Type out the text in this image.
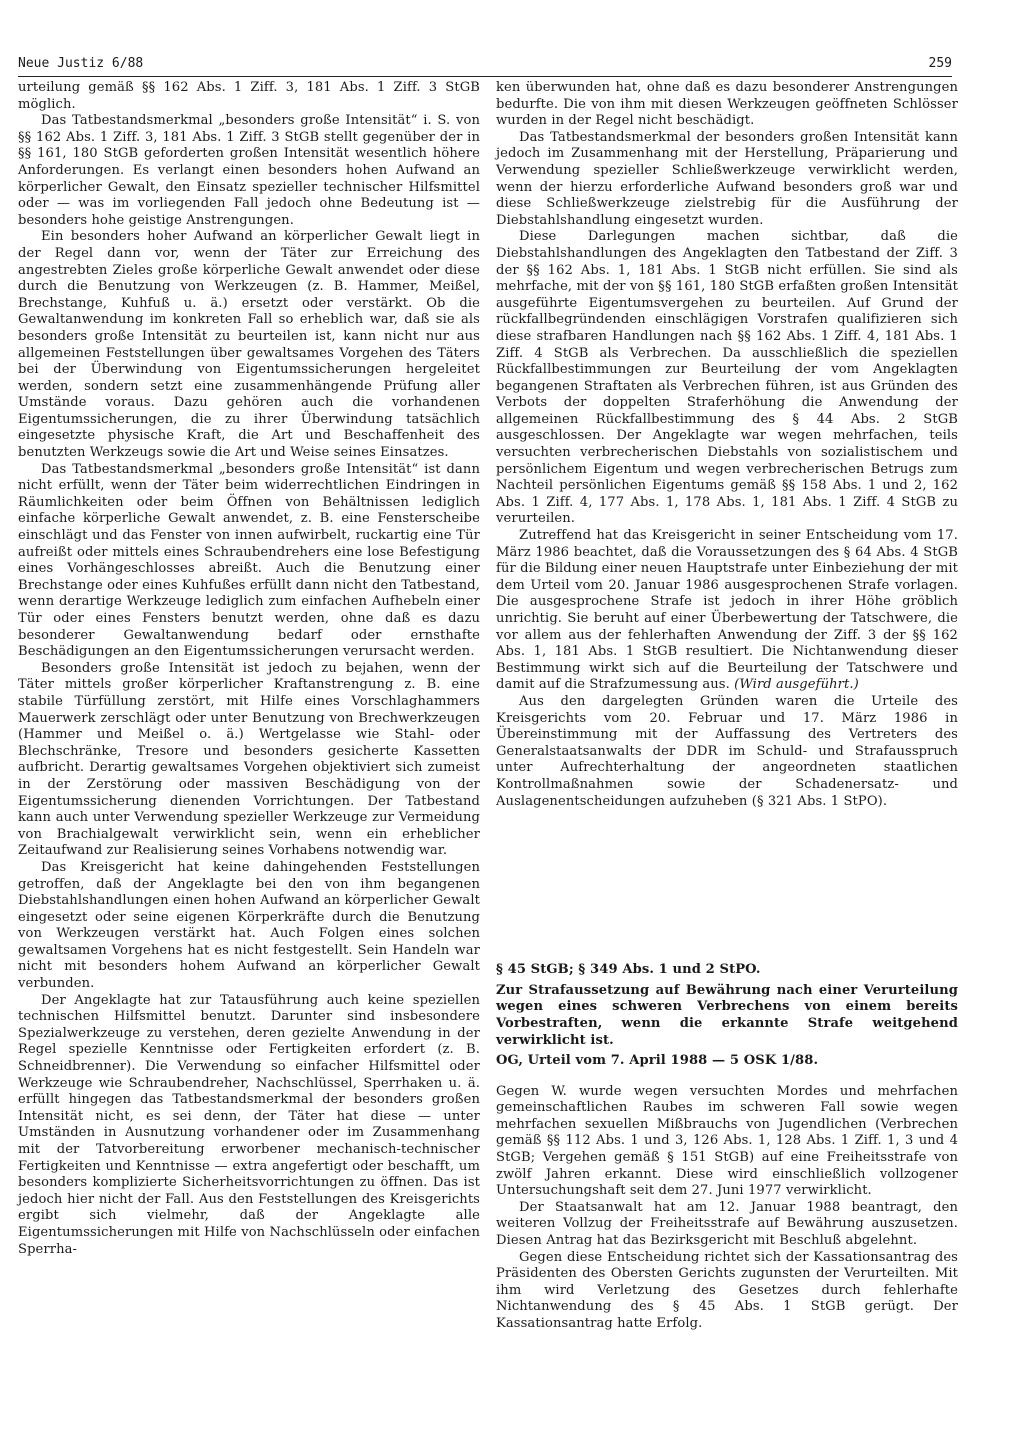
Neue Justiz 6/88	259

urteilung gemäß §§ 162 Abs. 1 Ziff. 3, 181 Abs. 1 Ziff. 3 StGB möglich.

Das Tatbestandsmerkmal „besonders große Intensität“ i. S. von §§ 162 Abs. 1 Ziff. 3, 181 Abs. 1 Ziff. 3 StGB stellt gegenüber der in §§ 161, 180 StGB geforderten großen Intensität wesentlich höhere Anforderungen. Es verlangt einen besonders hohen Aufwand an körperlicher Gewalt, den Einsatz spezieller technischer Hilfsmittel oder — was im vorliegenden Fall jedoch ohne Bedeutung ist — besonders hohe geistige Anstrengungen.

Ein besonders hoher Aufwand an körperlicher Gewalt liegt in der Regel dann vor, wenn der Täter zur Erreichung des angestrebten Zieles große körperliche Gewalt anwendet oder diese durch die Benutzung von Werkzeugen (z. B. Hammer, Meißel, Brechstange, Kuhfuß u. ä.) ersetzt oder verstärkt. Ob die Gewaltanwendung im konkreten Fall so erheblich war, daß sie als besonders große Intensität zu beurteilen ist, kann nicht nur aus allgemeinen Feststellungen über gewaltsames Vorgehen des Täters bei der Überwindung von Eigentumssicherungen hergeleitet werden, sondern setzt eine zusammenhängende Prüfung aller Umstände voraus. Dazu gehören auch die vorhandenen Eigentumssicherungen, die zu ihrer Überwindung tatsächlich eingesetzte physische Kraft, die Art und Beschaffenheit des benutzten Werkzeugs sowie die Art und Weise seines Einsatzes.

Das Tatbestandsmerkmal „besonders große Intensität“ ist dann nicht erfüllt, wenn der Täter beim widerrechtlichen Eindringen in Räumlichkeiten oder beim Öffnen von Behältnissen lediglich einfache körperliche Gewalt anwendet, z. B. eine Fensterscheibe einschlägt und das Fenster von innen aufwirbelt, ruckartig eine Tür aufreißt oder mittels eines Schraubendrehers eine lose Befestigung eines Vorhängeschlosses abreißt. Auch die Benutzung einer Brechstange oder eines Kuhfußes erfüllt dann nicht den Tatbestand, wenn derartige Werkzeuge lediglich zum einfachen Aufhebeln einer Tür oder eines Fensters benutzt werden, ohne daß es dazu besonderer Gewaltanwendung bedarf oder ernsthafte Beschädigungen an den Eigentumssicherungen verursacht werden.

Besonders große Intensität ist jedoch zu bejahen, wenn der Täter mittels großer körperlicher Kraftanstrengung z. B. eine stabile Türfüllung zerstört, mit Hilfe eines Vorschlaghammers Mauerwerk zerschlägt oder unter Benutzung von Brechwerkzeugen (Hammer und Meißel o. ä.) Wertgelasse wie Stahl- oder Blechschränke, Tresore und besonders gesicherte Kassetten aufbricht. Derartig gewaltsames Vorgehen objektiviert sich zumeist in der Zerstörung oder massiven Beschädigung von der Eigentumssicherung dienenden Vorrichtungen. Der Tatbestand kann auch unter Verwendung spezieller Werkzeuge zur Vermeidung von Brachialgewalt verwirklicht sein, wenn ein erheblicher Zeitaufwand zur Realisierung seines Vorhabens notwendig war.

Das Kreisgericht hat keine dahingehenden Feststellungen getroffen, daß der Angeklagte bei den von ihm begangenen Diebstahlshandlungen einen hohen Aufwand an körperlicher Gewalt eingesetzt oder seine eigenen Körperkräfte durch die Benutzung von Werkzeugen verstärkt hat. Auch Folgen eines solchen gewaltsamen Vorgehens hat es nicht festgestellt. Sein Handeln war nicht mit besonders hohem Aufwand an körperlicher Gewalt verbunden.

Der Angeklagte hat zur Tatausführung auch keine speziellen technischen Hilfsmittel benutzt. Darunter sind insbesondere Spezialwerkzeuge zu verstehen, deren gezielte Anwendung in der Regel spezielle Kenntnisse oder Fertigkeiten erfordert (z. B. Schneidbrenner). Die Verwendung so einfacher Hilfsmittel oder Werkzeuge wie Schraubendreher, Nachschlüssel, Sperrhaken u. ä. erfüllt hingegen das Tatbestandsmerkmal der besonders großen Intensität nicht, es sei denn, der Täter hat diese — unter Umständen in Ausnutzung vorhandener oder im Zusammenhang mit der Tatvorbereitung erworbener mechanisch-technischer Fertigkeiten und Kenntnisse — extra angefertigt oder beschafft, um besonders komplizierte Sicherheitsvorrichtungen zu öffnen. Das ist jedoch hier nicht der Fall. Aus den Feststellungen des Kreisgerichts ergibt sich vielmehr, daß der Angeklagte alle Eigentumssicherungen mit Hilfe von Nachschlüsseln oder einfachen Sperrha-

ken überwunden hat, ohne daß es dazu besonderer Anstrengungen bedurfte. Die von ihm mit diesen Werkzeugen geöffneten Schlösser wurden in der Regel nicht beschädigt.

Das Tatbestandsmerkmal der besonders großen Intensität kann jedoch im Zusammenhang mit der Herstellung, Präparierung und Verwendung spezieller Schließwerkzeuge verwirklicht werden, wenn der hierzu erforderliche Aufwand besonders groß war und diese Schließwerkzeuge zielstrebig für die Ausführung der Diebstahlshandlung eingesetzt wurden.

Diese Darlegungen machen sichtbar, daß die Diebstahlshandlungen des Angeklagten den Tatbestand der Ziff. 3 der §§ 162 Abs. 1, 181 Abs. 1 StGB nicht erfüllen. Sie sind als mehrfache, mit der von §§ 161, 180 StGB erfaßten großen Intensität ausgeführte Eigentumsvergehen zu beurteilen. Auf Grund der rückfallbegründenden einschlägigen Vorstrafen qualifizieren sich diese strafbaren Handlungen nach §§ 162 Abs. 1 Ziff. 4, 181 Abs. 1 Ziff. 4 StGB als Verbrechen. Da ausschließlich die speziellen Rückfallbestimmungen zur Beurteilung der vom Angeklagten begangenen Straftaten als Verbrechen führen, ist aus Gründen des Verbots der doppelten Straferhöhung die Anwendung der allgemeinen Rückfallbestimmung des § 44 Abs. 2 StGB ausgeschlossen. Der Angeklagte war wegen mehrfachen, teils versuchten verbrecherischen Diebstahls von sozialistischem und persönlichem Eigentum und wegen verbrecherischen Betrugs zum Nachteil persönlichen Eigentums gemäß §§ 158 Abs. 1 und 2, 162 Abs. 1 Ziff. 4, 177 Abs. 1, 178 Abs. 1, 181 Abs. 1 Ziff. 4 StGB zu verurteilen.

Zutreffend hat das Kreisgericht in seiner Entscheidung vom 17. März 1986 beachtet, daß die Voraussetzungen des § 64 Abs. 4 StGB für die Bildung einer neuen Hauptstrafe unter Einbeziehung der mit dem Urteil vom 20. Januar 1986 ausgesprochenen Strafe vorlagen. Die ausgesprochene Strafe ist jedoch in ihrer Höhe gröblich unrichtig. Sie beruht auf einer Überbewertung der Tatschwere, die vor allem aus der fehlerhaften Anwendung der Ziff. 3 der §§ 162 Abs. 1, 181 Abs. 1 StGB resultiert. Die Nichtanwendung dieser Bestimmung wirkt sich auf die Beurteilung der Tatschwere und damit auf die Strafzumessung aus. (Wird ausgeführt.)

Aus den dargelegten Gründen waren die Urteile des Kreisgerichts vom 20. Februar und 17. März 1986 in Übereinstimmung mit der Auffassung des Vertreters des Generalstaatsanwalts der DDR im Schuld- und Strafausspruch unter Aufrechterhaltung der angeordneten staatlichen Kontrollmaßnahmen sowie der Schadenersatz- und Auslagenentscheidungen aufzuheben (§ 321 Abs. 1 StPO).

§ 45 StGB; § 349 Abs. 1 und 2 StPO.

Zur Strafaussetzung auf Bewährung nach einer Verurteilung wegen eines schweren Verbrechens von einem bereits Vorbestraften, wenn die erkannte Strafe weitgehend verwirklicht ist.

OG, Urteil vom 7. April 1988 — 5 OSK 1/88.

Gegen W. wurde wegen versuchten Mordes und mehrfachen gemeinschaftlichen Raubes im schweren Fall sowie wegen mehrfachen sexuellen Mißbrauchs von Jugendlichen (Verbrechen gemäß §§ 112 Abs. 1 und 3, 126 Abs. 1, 128 Abs. 1 Ziff. 1, 3 und 4 StGB; Vergehen gemäß § 151 StGB) auf eine Freiheitsstrafe von zwölf Jahren erkannt. Diese wird einschließlich vollzogener Untersuchungshaft seit dem 27. Juni 1977 verwirklicht.

Der Staatsanwalt hat am 12. Januar 1988 beantragt, den weiteren Vollzug der Freiheitsstrafe auf Bewährung auszusetzen. Diesen Antrag hat das Bezirksgericht mit Beschluß abgelehnt.

Gegen diese Entscheidung richtet sich der Kassationsantrag des Präsidenten des Obersten Gerichts zugunsten der Verurteilten. Mit ihm wird Verletzung des Gesetzes durch fehlerhafte Nichtanwendung des § 45 Abs. 1 StGB gerügt. Der Kassationsantrag hatte Erfolg.
